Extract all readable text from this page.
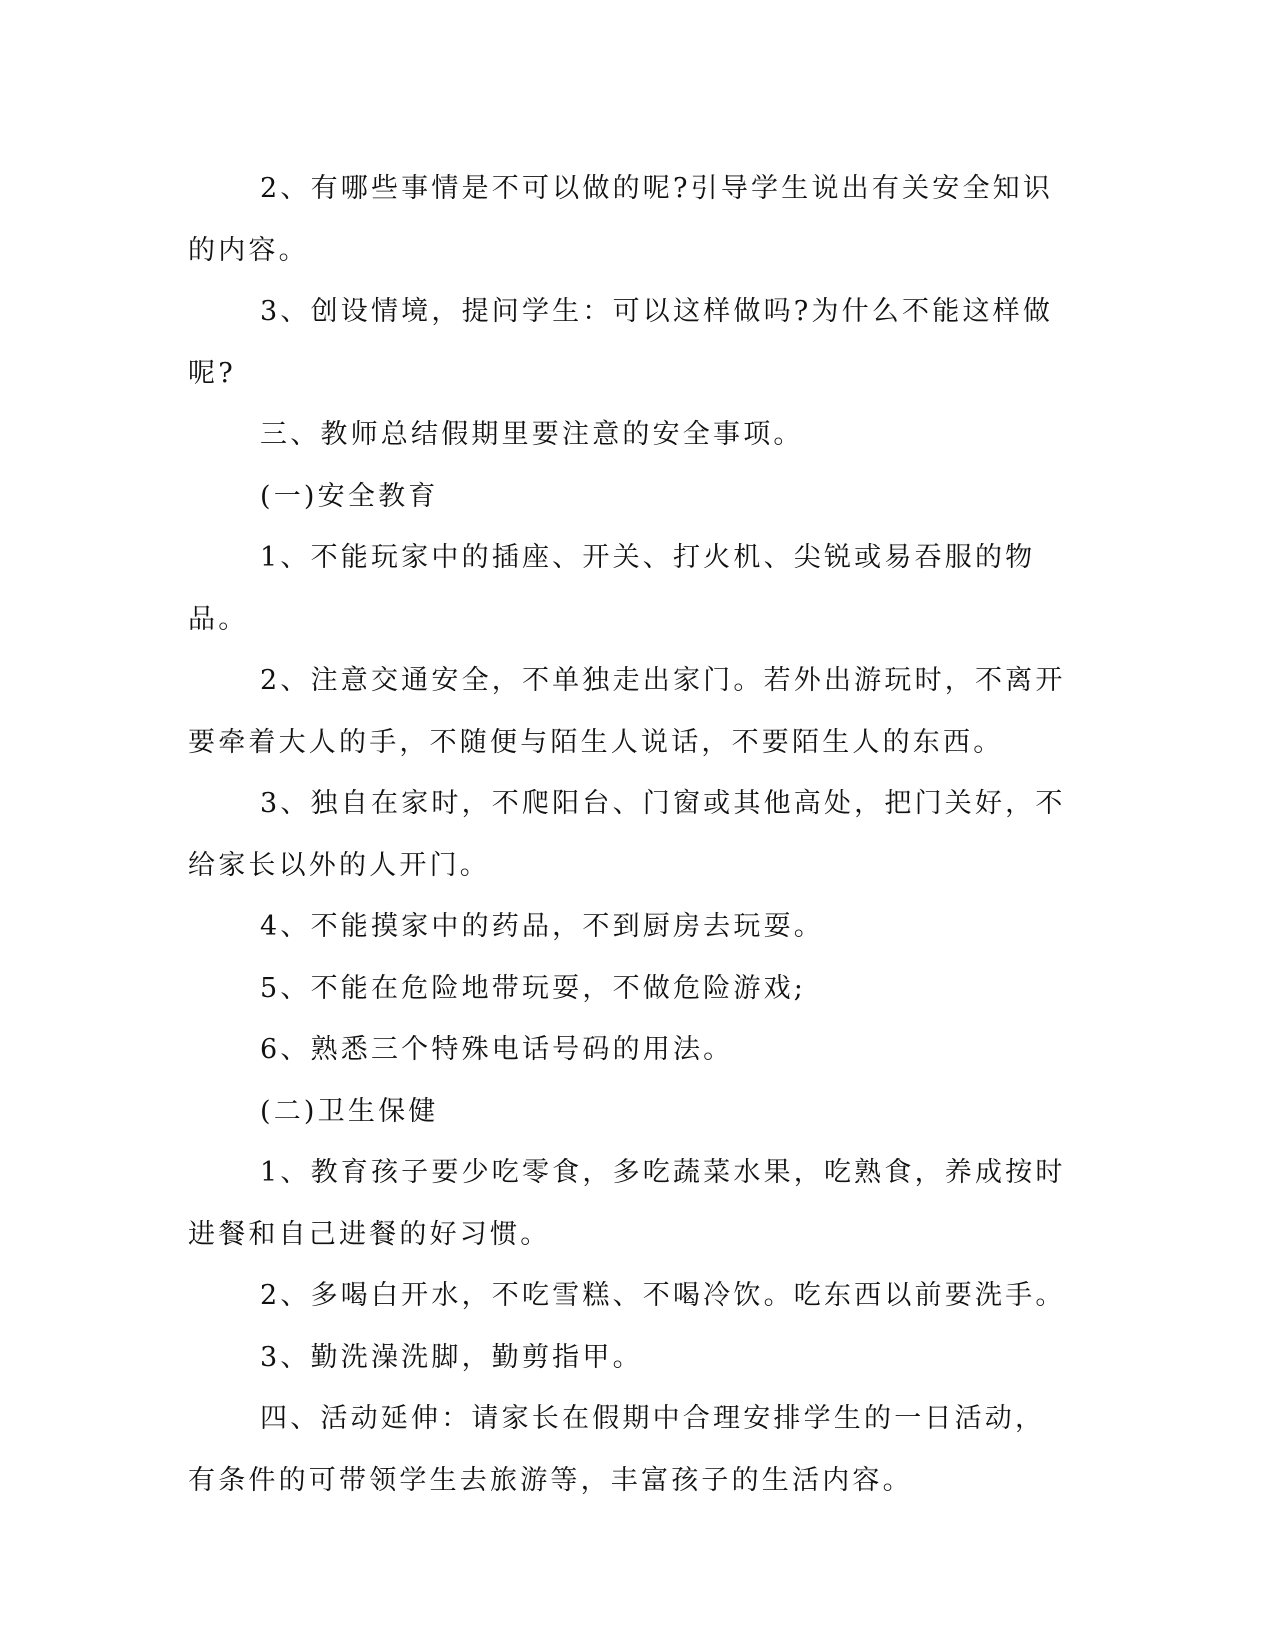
2、有哪些事情是不可以做的呢?引导学生说出有关安全知识的内容。

3、创设情境，提问学生：可以这样做吗?为什么不能这样做呢?

三、教师总结假期里要注意的安全事项。

(一)安全教育

1、不能玩家中的插座、开关、打火机、尖锐或易吞服的物品。

2、注意交通安全，不单独走出家门。若外出游玩时，不离开要牵着大人的手，不随便与陌生人说话，不要陌生人的东西。

3、独自在家时，不爬阳台、门窗或其他高处，把门关好，不给家长以外的人开门。

4、不能摸家中的药品，不到厨房去玩耍。

5、不能在危险地带玩耍，不做危险游戏;

6、熟悉三个特殊电话号码的用法。

(二)卫生保健

1、教育孩子要少吃零食，多吃蔬菜水果，吃熟食，养成按时进餐和自己进餐的好习惯。

2、多喝白开水，不吃雪糕、不喝冷饮。吃东西以前要洗手。

3、勤洗澡洗脚，勤剪指甲。

四、活动延伸：请家长在假期中合理安排学生的一日活动，有条件的可带领学生去旅游等，丰富孩子的生活内容。
